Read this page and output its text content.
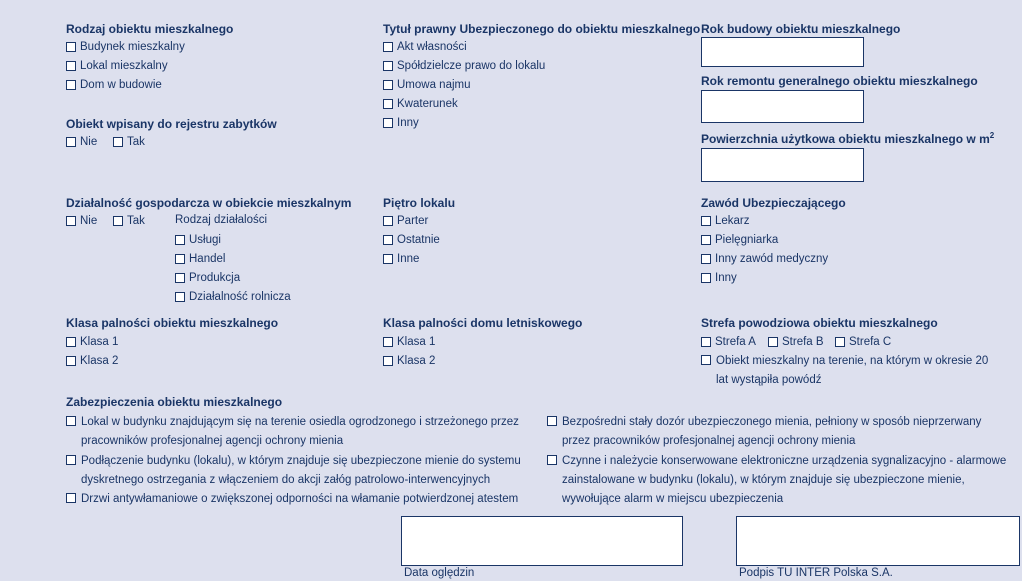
Rodzaj obiektu mieszkalnego
Budynek mieszkalny
Lokal mieszkalny
Dom w budowie
Obiekt wpisany do rejestru zabytków
Nie	Tak
Tytuł prawny Ubezpieczonego do obiektu mieszkalnego
Akt własności
Spółdzielcze prawo do lokalu
Umowa najmu
Kwaterunek
Inny
Rok budowy obiektu mieszkalnego
Rok remontu generalnego obiektu mieszkalnego
Powierzchnia użytkowa obiektu mieszkalnego w $m^2$
Działalność gospodarcza w obiekcie mieszkalnym
Nie	Tak	Rodzaj działalości
Usługi
Handel
Produkcja
Działalność rolnicza
Piętro lokalu
Parter
Ostatnie
Inne
Zawód Ubezpieczającego
Lekarz
Pielęgniarka
Inny zawód medyczny
Inny
Klasa palności obiektu mieszkalnego
Klasa 1
Klasa 2
Klasa palności domu letniskowego
Klasa 1
Klasa 2
Strefa powodziowa obiektu mieszkalnego
Strefa A Strefa B Strefa C
Obiekt mieszkalny na terenie, na którym w okresie 20 lat wystąpiła powódź
Zabezpieczenia obiektu mieszkalnego
Lokal w budynku znajdującym się na terenie osiedla ogrodzonego i strzeżonego przez pracowników profesjonalnej agencji ochrony mienia
Podłączenie budynku (lokalu), w którym znajduje się ubezpieczone mienie do systemu dyskretnego ostrzegania z włączeniem do akcji załóg patrolowo-interwencyjnych
Drzwi antywłamaniowe o zwiększonej odporności na włamanie potwierdzonej atestem
Bezpośredni stały dozór ubezpieczonego mienia, pełniony w sposób nieprzerwany przez pracowników profesjonalnej agencji ochrony mienia
Czynne i należycie konserwowane elektroniczne urządzenia sygnalizacyjno - alarmowe zainstalowane w budynku (lokalu), w którym znajduje się ubezpieczone mienie, wywołujące alarm w miejscu ubezpieczenia
Data oględzin	Podpis TU INTER Polska S.A.
